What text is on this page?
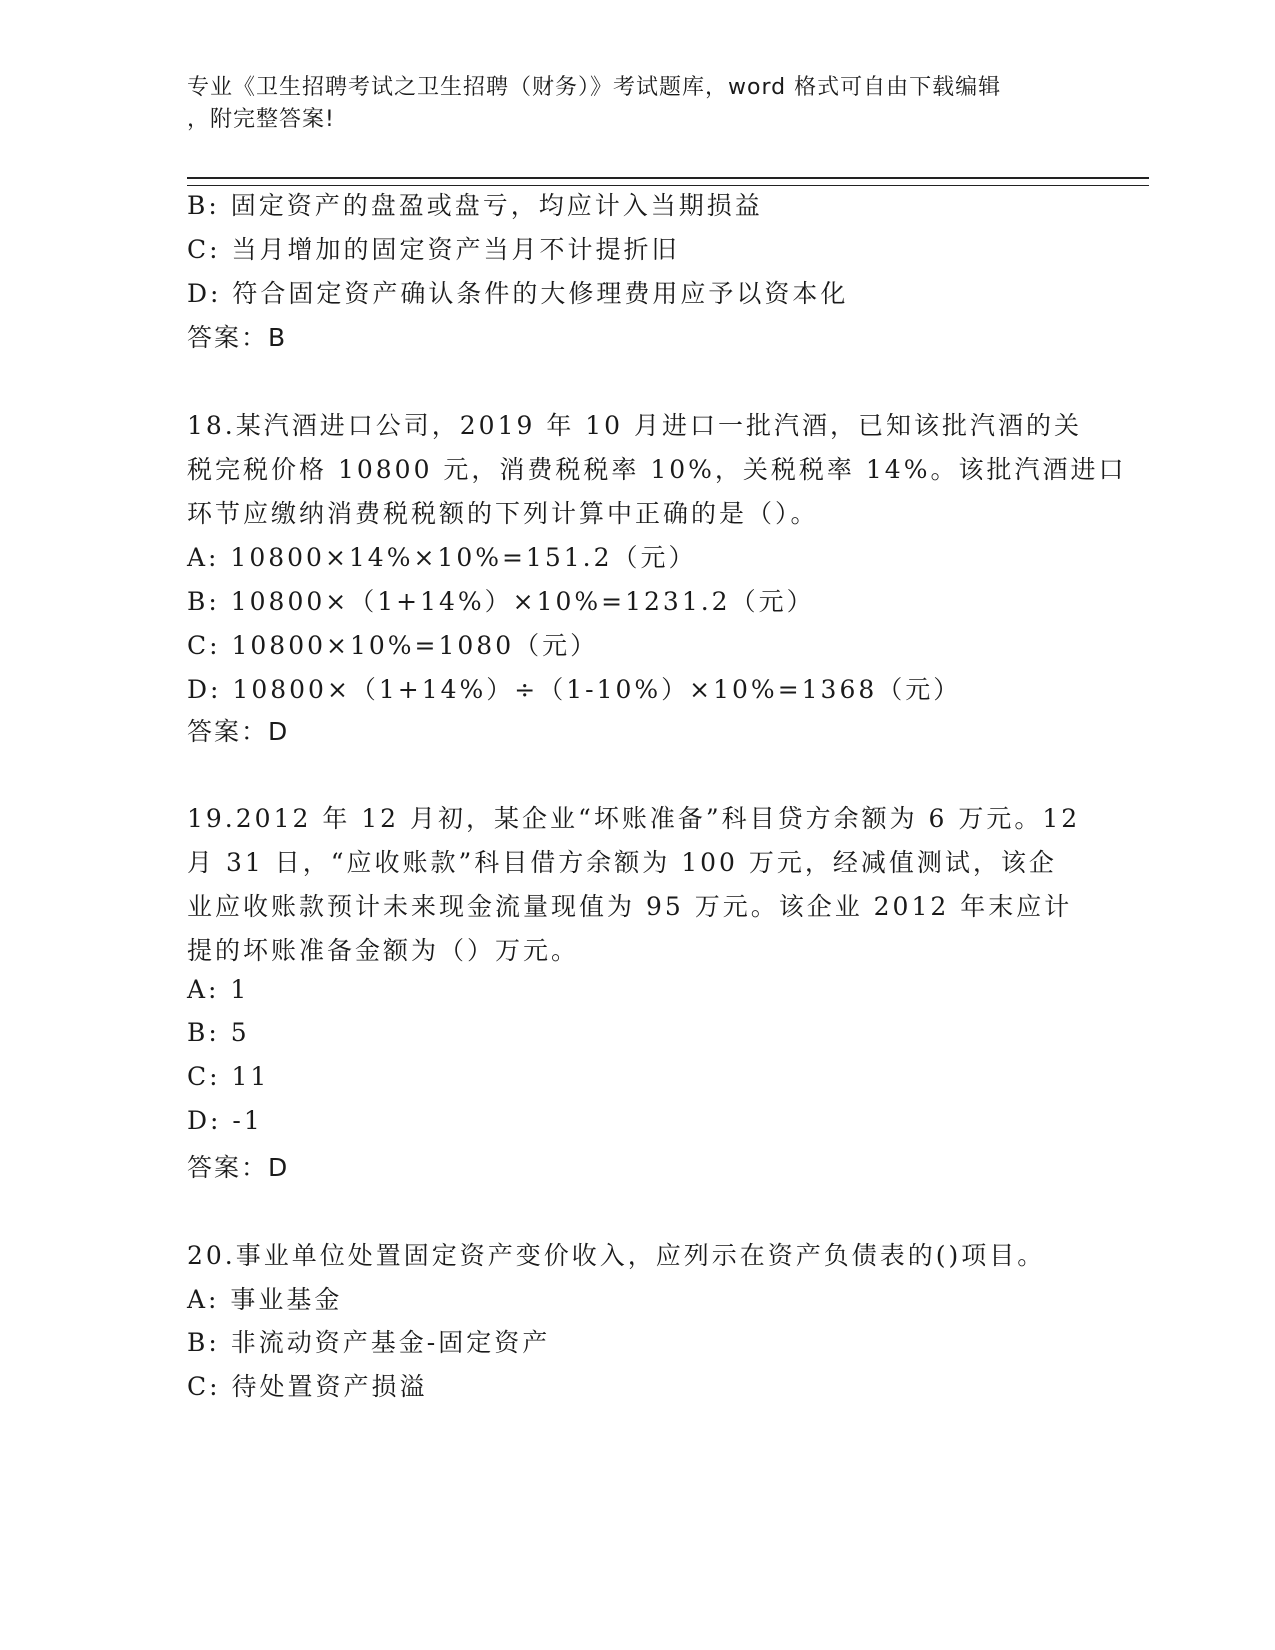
专业《卫生招聘考试之卫生招聘（财务）》考试题库，word 格式可自由下载编辑
，附完整答案!
B: 固定资产的盘盈或盘亏，均应计入当期损益
C: 当月增加的固定资产当月不计提折旧
D: 符合固定资产确认条件的大修理费用应予以资本化
答案：B
18.某汽酒进口公司，2019 年 10 月进口一批汽酒，已知该批汽酒的关
税完税价格 10800 元，消费税税率 10%，关税税率 14%。该批汽酒进口
环节应缴纳消费税税额的下列计算中正确的是（）。
A: 10800×14%×10%=151.2（元）
B: 10800×（1+14%）×10%=1231.2（元）
C: 10800×10%=1080（元）
D: 10800×（1+14%）÷（1-10%）×10%=1368（元）
答案：D
19.2012 年 12 月初，某企业“坏账准备”科目贷方余额为 6 万元。12
月 31 日，“应收账款”科目借方余额为 100 万元，经减值测试，该企
业应收账款预计未来现金流量现值为 95 万元。该企业 2012 年末应计
提的坏账准备金额为（）万元。
A: 1
B: 5
C: 11
D: -1
答案：D
20.事业单位处置固定资产变价收入，应列示在资产负债表的()项目。
A: 事业基金
B: 非流动资产基金-固定资产
C: 待处置资产损溢
